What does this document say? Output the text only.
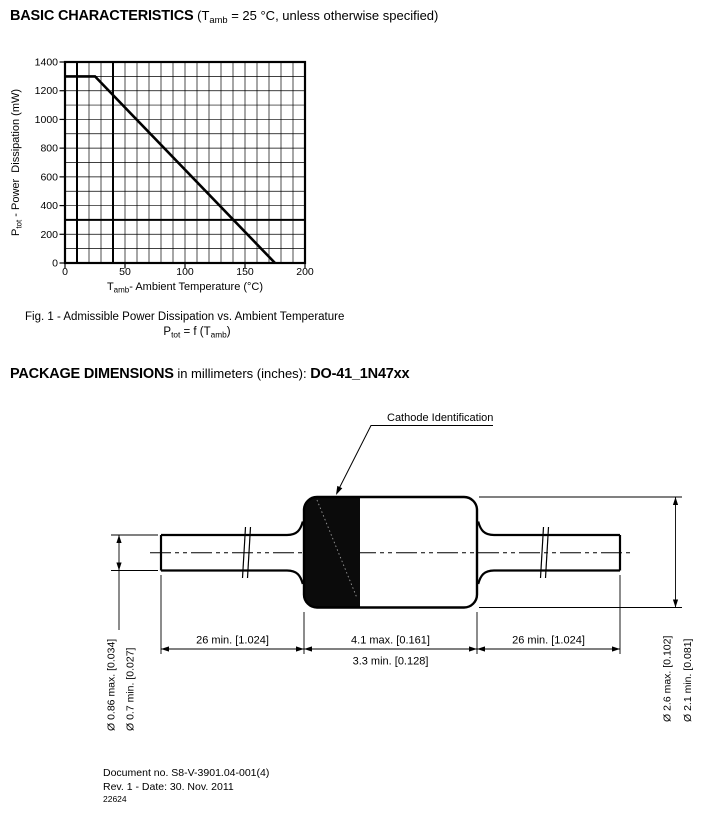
BASIC CHARACTERISTICS ($T_{amb} = 25$ °C, unless otherwise specified)
0	50	100	150	200
0
200
400
600
800
1000
1200
1400
$P_{tot}$ - Power  Dissipation (mW)
$T_{amb}-$ Ambient Temperature (°C)
Fig. 1 - Admissible Power Dissipation vs. Ambient Temperature
$P_{tot} = f$ $(T_{amb})$
PACKAGE DIMENSIONS in millimeters (inches): DO-41_1N47xx
Cathode Identification
26 min. [1.024]	4.1 max. [0.161]
3.3 min. [0.128]
26 min. [1.024]
Ø 0.86 max. [0.034] Ø 0.7 min. [0.027]	Ø 2.6 max. [0.102] Ø 2.1 min. [0.081]
Document no. S8-V-3901.04-001(4)
Rev. 1 - Date: 30. Nov. 2011
22624
